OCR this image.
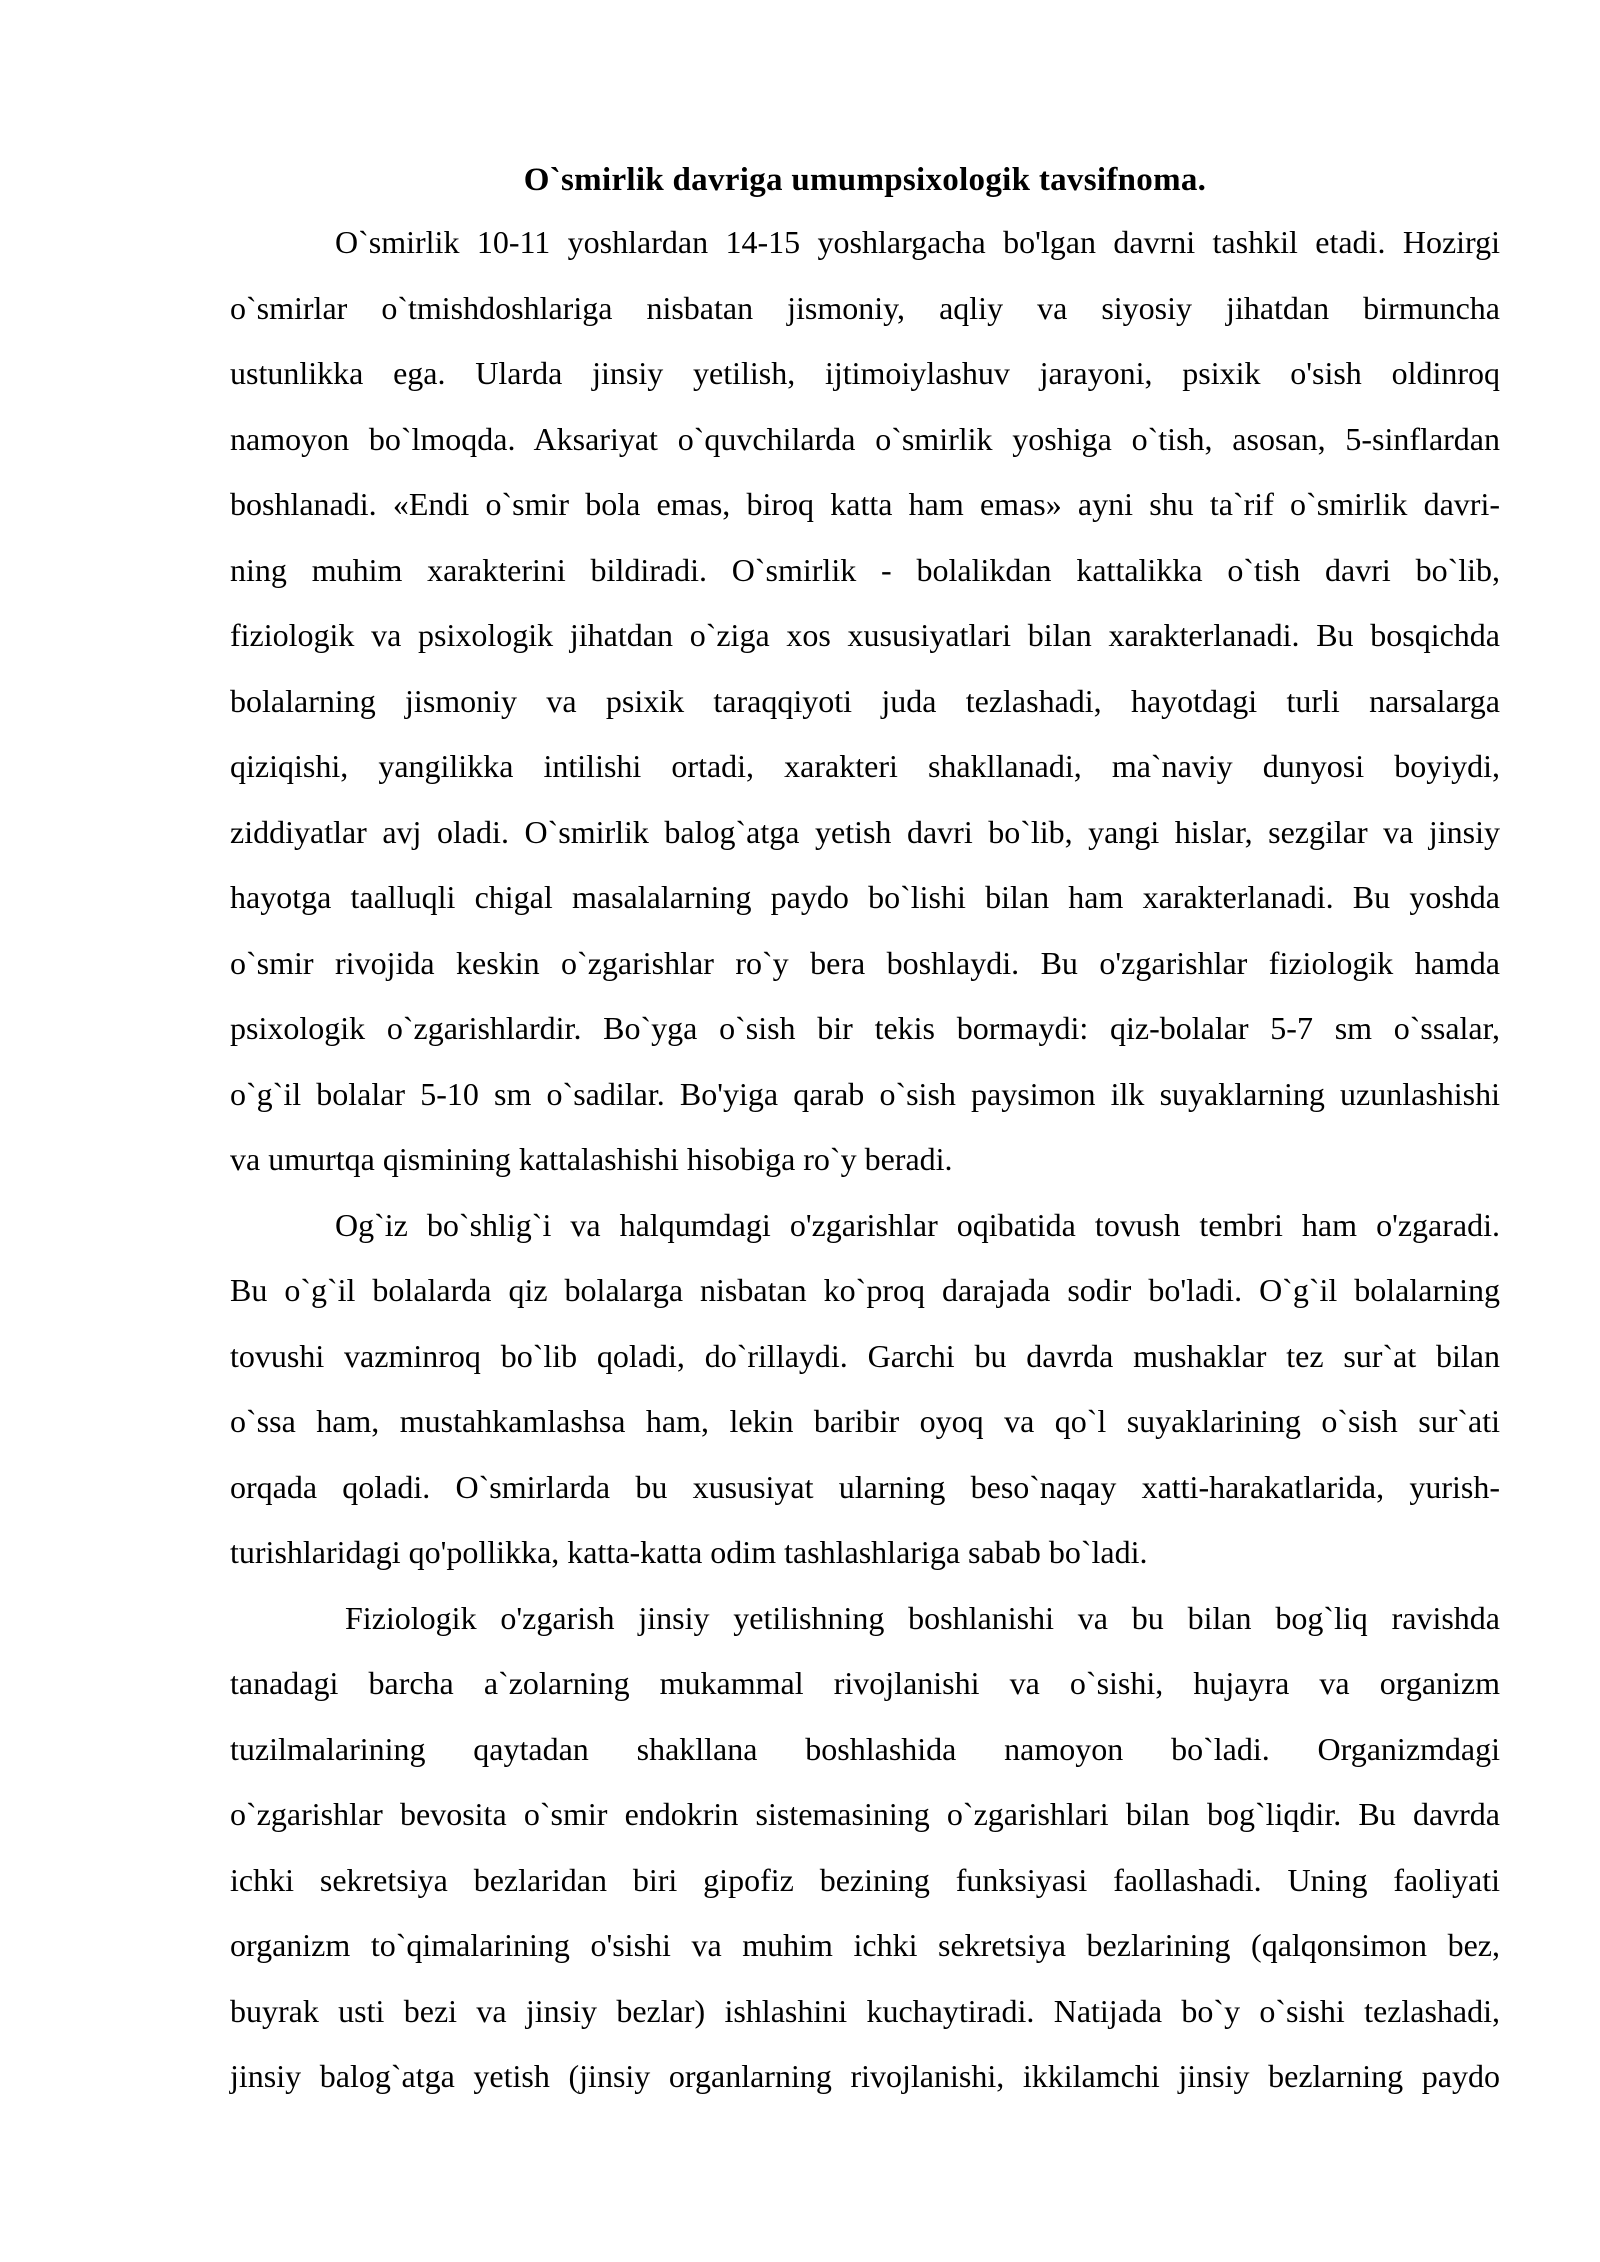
O`smirlik davriga umumpsixologik tavsifnoma.

O`smirlik 10-11 yoshlardan 14-15 yoshlargacha bo'lgan davrni tashkil etadi. Hozirgi
o`smirlar o`tmishdoshlariga nisbatan jismoniy, aqliy va siyosiy jihatdan birmuncha
ustunlikka ega. Ularda jinsiy yetilish, ijtimoiylashuv jarayoni, psixik o'sish oldinroq
namoyon bo`lmoqda. Aksariyat o`quvchilarda o`smirlik yoshiga o`tish, asosan, 5-sinflardan
boshlanadi. «Endi o`smir bola emas, biroq katta ham emas» ayni shu ta`rif o`smirlik davri-
ning muhim xarakterini bildiradi. O`smirlik - bolalikdan kattalikka o`tish davri bo`lib,
fiziologik va psixologik jihatdan o`ziga xos xususiyatlari bilan xarakterlanadi. Bu bosqichda
bolalarning jismoniy va psixik taraqqiyoti juda tezlashadi, hayotdagi turli narsalarga
qiziqishi, yangilikka intilishi ortadi, xarakteri shakllanadi, ma`naviy dunyosi boyiydi,
ziddiyatlar avj oladi. O`smirlik balog`atga yetish davri bo`lib, yangi hislar, sezgilar va jinsiy
hayotga taalluqli chigal masalalarning paydo bo`lishi bilan ham xarakterlanadi. Bu yoshda
o`smir rivojida keskin o`zgarishlar ro`y bera boshlaydi. Bu o'zgarishlar fiziologik hamda
psixologik o`zgarishlardir. Bo`yga o`sish bir tekis bormaydi: qiz-bolalar 5-7 sm o`ssalar,
o`g`il bolalar 5-10 sm o`sadilar. Bo'yiga qarab o`sish paysimon ilk suyaklarning uzunlashishi
va umurtqa qismining kattalashishi hisobiga ro`y beradi.

Og`iz bo`shlig`i va halqumdagi o'zgarishlar oqibatida tovush tembri ham o'zgaradi.
Bu o`g`il bolalarda qiz bolalarga nisbatan ko`proq darajada sodir bo'ladi. O`g`il bolalarning
tovushi vazminroq bo`lib qoladi, do`rillaydi. Garchi bu davrda mushaklar tez sur`at bilan
o`ssa ham, mustahkamlashsa ham, lekin baribir oyoq va qo`l suyaklarining o`sish sur`ati
orqada qoladi. O`smirlarda bu xususiyat ularning beso`naqay xatti-harakatlarida, yurish-
turishlaridagi qo'pollikka, katta-katta odim tashlashlariga sabab bo`ladi.

Fiziologik o'zgarish jinsiy yetilishning boshlanishi va bu bilan bog`liq ravishda
tanadagi barcha a`zolarning mukammal rivojlanishi va o`sishi, hujayra va organizm
tuzilmalarining qaytadan shakllana boshlashida namoyon bo`ladi. Organizmdagi
o`zgarishlar bevosita o`smir endokrin sistemasining o`zgarishlari bilan bog`liqdir. Bu davrda
ichki sekretsiya bezlaridan biri gipofiz bezining funksiyasi faollashadi. Uning faoliyati
organizm to`qimalarining o'sishi va muhim ichki sekretsiya bezlarining (qalqonsimon bez,
buyrak usti bezi va jinsiy bezlar) ishlashini kuchaytiradi. Natijada bo`y o`sishi tezlashadi,
jinsiy balog`atga yetish (jinsiy organlarning rivojlanishi, ikkilamchi jinsiy bezlarning paydo
